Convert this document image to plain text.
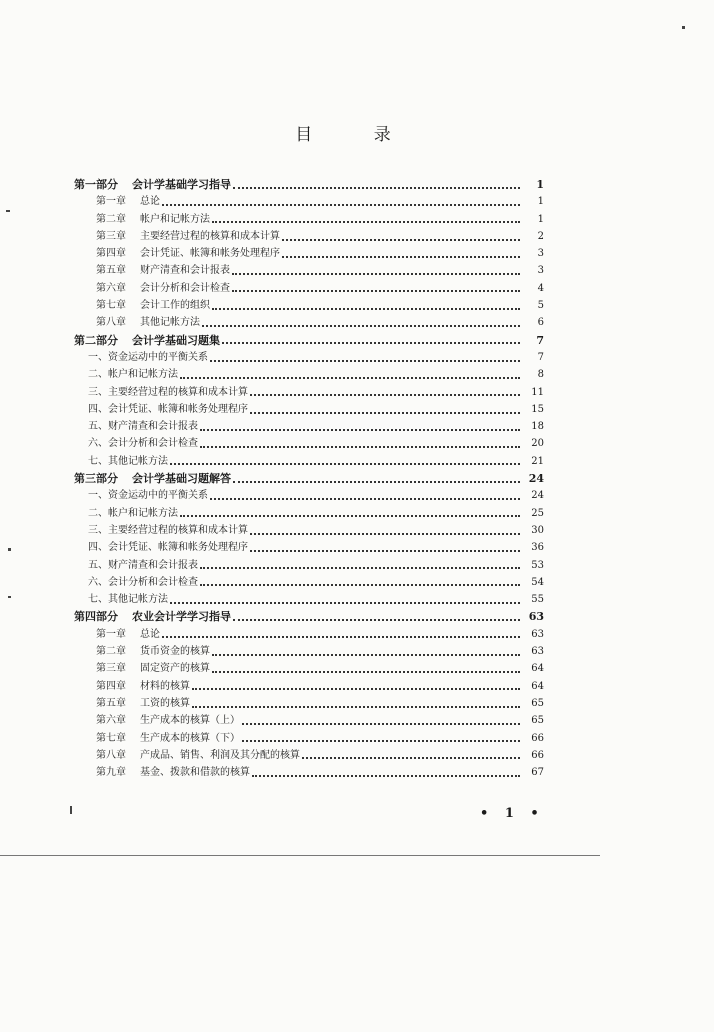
目 录
第一部分 会计学基础学习指导	1
第一章 总论	1
第二章 帐户和记帐方法	1
第三章 主要经营过程的核算和成本计算	2
第四章 会计凭证、帐簿和帐务处理程序	3
第五章 财产清查和会计报表	3
第六章 会计分析和会计检查	4
第七章 会计工作的组织	5
第八章 其他记帐方法	6
第二部分 会计学基础习题集	7
一、资金运动中的平衡关系	7
二、帐户和记帐方法	8
三、主要经营过程的核算和成本计算	11
四、会计凭证、帐簿和帐务处理程序	15
五、财产清查和会计报表	18
六、会计分析和会计检查	20
七、其他记帐方法	21
第三部分 会计学基础习题解答	24
一、资金运动中的平衡关系	24
二、帐户和记帐方法	25
三、主要经营过程的核算和成本计算	30
四、会计凭证、帐簿和帐务处理程序	36
五、财产清查和会计报表	53
六、会计分析和会计检查	54
七、其他记帐方法	55
第四部分 农业会计学学习指导	63
第一章 总论	63
第二章 货币资金的核算	63
第三章 固定资产的核算	64
第四章 材料的核算	64
第五章 工资的核算	65
第六章 生产成本的核算（上）	65
第七章 生产成本的核算（下）	66
第八章 产成品、销售、利润及其分配的核算	66
第九章 基金、拨款和借款的核算	67
• 1 •
